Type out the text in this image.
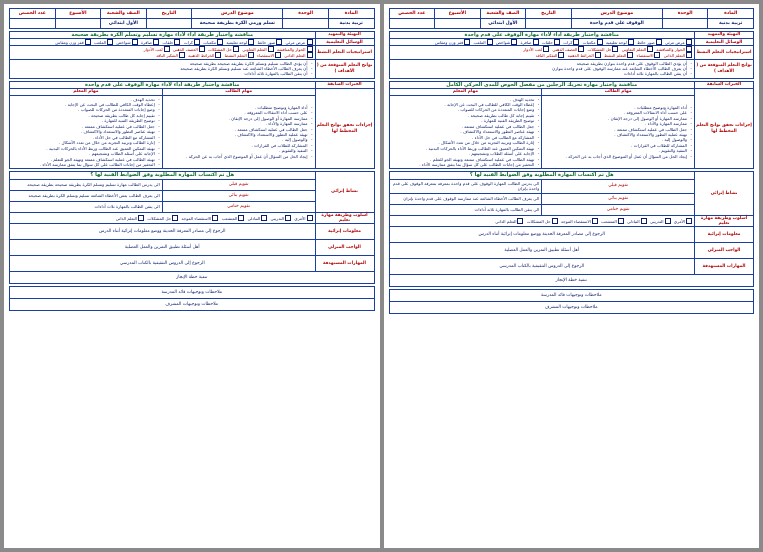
المادة	الوحدة	موضوع الدرس	التاريخ	الصف والشعبة	الأسبوع	عدد الحصص
تربية بدنية		الوقوف على قدم واحدة		الأول ابتدائي		
التهيئة والتمهيد	مناقشة واختبار طريقة أداء لأداء مهارة الوقوف على قدم واحدة
الوسائل التعليمية	عرض مرئي صور حائط لوحة تعليمية مكعبات كرات حلقات صافرة شواخص الملعب قفز وزن ومقاس
استراتيجيات التعلم النشط	الحوار والمناقشة التعلم التعاوني حل المشكلات العصف الذهني لعب الأدوار
التعلم الذاتي الاستقصاء التعلم النشط الخرائط الذهنية التفكير الناقد
نواتج التعلم المتوقعة من ( الأهداف )	
- أن يؤدي الطالب الوقوف على قدم واحدة بتوازن بطريقة صحيحة
- أن يعرف الطالب الأخطاء الشائعة عند ممارسة الوقوف على قدم واحدة بتوازن
- أن يتقن الطالب بالمهارة ثلاثة أداءات
الخبرات السابقة	مناقشة واختبار مهارة تحريك الرجلين من مفصل الحوض للمدى الحركي الكامل	
إجراءات تحقق نواتج التعلم المخطط لها	مهام الطالب	مهام المعلم

- أداء المهارة وتوضيح متطلبات .
- على حسب أداء الانتقالات المعروفة .
- ممارسة المهارة أو الوصول إلى درجة الإتقان .
- ممارسة المهارة والأداء .
- جعل الطالب في عملية استكشاف ممتعة .
- تهيئة عملية التطور والاستعداد والاكتشاف .
- والوصول إليه .
- المشاركة للطلاب في القرارات .
- التنفيذ والتقويم .
- إيجاد الحل من السؤال أن عمل أو الموضوع الذي أجاب به عن الحركة .

- تحديد الهدف .
- إعطاء الوقت الكافي للطالب في البحث عن الإجابة .
- وضع إجابات المتعددة من الحركات للصواب .
- تقييم إجابة كل طالب بطريقة صحيحة .
- توضيح الطريقة الفنية للمهارة .
- جعل الطالب في عملية استكشاف ممتعة .
- تهيئة عناصر التطور والاستعداد والاكتشاف .
- المشاركة مع الطالب في حل الأداء .
- إثارة الطالب وتربية التجربة من خلال من تعدد الأشكال .
- تهيئة التمكين العميق عند الطالب وربط الأداء بالحركات البدنية .
- الإجابة على أسئلة الطلاب وتشجيعهم .
- تهيئة الطالب في عملية استكشاف ممتعة وتهيئة الجو للتعلم .
- التحفيز من إجابات الطالب على كل سؤال بما يتفق ممارسة الأداء .
نشاط إثرائي	هل تم اكتساب المهارة المطلوبة وفق الضوابط الفنية لها ؟	
	تقويم قبلي	الى يدرس الطالب المهارة الوقوف على قدم واحدة بمعرفة بمعرفة الوقوف على قدم واحدة بإتزان
	تقويم بنائي	الى يعرف الطالب الأخطاء الشائعة عند ممارسة الوقوف على قدم واحدة بإتزان
	تقويم ختامي	الى يتقن الطالب بالمهارة ثلاثة أداءات
أسلوب وطريقة مهارة تعليم	الأمري التدريبي التبادلي المتشعب الاستقصاء الموجه حل المشكلات التعلم الذاتي	
معلومات إثرائية	الرجوع إلى مصادر المعرفة الحديثة ووضع معلومات إثرائية أثناء الدرس	
الواجب المنزلي	أهل أسئلة تطبيق التمرين والعمل العضلية	
المهارات المستهدفة	الرجوع إلى الدروس التثقيفية بالكتاب المدرسي	
تنفية خطة الإنجاز		
ملاحظات وتوجيهات قائد المدرسة
ملاحظات وتوجيهات المشرف
المادة	الوحدة	موضوع الدرس	التاريخ	الصف والشعبة	الأسبوع	عدد الحصص
تربية بدنية		تسلم ورمي الكرة بطريقة صحيحة		الأول ابتدائي		
التهيئة والتمهيد	مناقشة واختبار طريقة أداء لأداء مهارة تسليم وتسلم الكرة بطريقة صحيحة
الوسائل التعليمية	عرض مرئي صور حائط لوحة تعليمية مكعبات كرات حلقات صافرة شواخص الملعب قفز وزن ومقاس
استراتيجيات التعلم النشط	الحوار والمناقشة التعلم التعاوني حل المشكلات العصف الذهني لعب الأدوار
التعلم الذاتي الاستقصاء التعلم النشط الخرائط الذهنية التفكير الناقد
نواتج التعلم المتوقعة من ( الأهداف )	
- أن يؤدي الطالب تسليم وتسلم الكرة بطريقة صحيحة بطريقة صحيحة
- أن يعرف الطالب الأخطاء الشائعة عند تسليم وتسلم الكرة بطريقة صحيحة
- أن يتقن الطالب بالمهارة ثلاثة أداءات
الخبرات السابقة	مناقشة واختبار طريقة أداء لأداء مهارة الوقوف على قدم واحدة	
إجراءات تحقق نواتج التعلم المخطط لها	مهام الطالب	مهام المعلم

- أداء المهارة وتوضيح متطلبات .
- على حسب أداء الانتقالات المعروفة .
- ممارسة المهارة أو الوصول إلى درجة الإتقان .
- ممارسة المهارة والأداء .
- جعل الطالب في عملية استكشاف ممتعة .
- تهيئة عملية التطور والاستعداد والاكتشاف .
- والوصول إليه .
- المشاركة للطلاب في القرارات .
- التنفيذ والتقويم .
- إيجاد الحل من السؤال أن عمل أو الموضوع الذي أجاب به عن الحركة .

- تحديد الهدف .
- إعطاء الوقت الكافي للطالب في البحث عن الإجابة .
- وضع إجابات المتعددة من الحركات للصواب .
- تقييم إجابة كل طالب بطريقة صحيحة .
- توضيح الطريقة الفنية للمهارة .
- جعل الطالب في عملية استكشاف ممتعة .
- تهيئة عناصر التطور والاستعداد والاكتشاف .
- المشاركة مع الطالب في حل الأداء .
- إثارة الطالب وتربية التجربة من خلال من تعدد الأشكال .
- تهيئة التمكين العميق عند الطالب وربط الأداء بالحركات البدنية .
- الإجابة على أسئلة الطلاب وتشجيعهم .
- تهيئة الطالب في عملية استكشاف ممتعة وتهيئة الجو للتعلم .
- التحفيز من إجابات الطالب على كل سؤال بما يتفق ممارسة الأداء .
نشاط إثرائي	هل تم اكتساب المهارة المطلوبة وفق الضوابط الفنية لها ؟	
	تقويم قبلي	الى يدرس الطالب مهارة تسليم وتسلم الكرة بطريقة صحيحة بطريقة صحيحة
	تقويم بنائي	الى يعرف الطالب بعض الأخطاء الشائعة تسليم وتسلم الكرة بطريقة صحيحة
	تقويم ختامي	الى يتقن الطالب بالمهارة ثلاث أداءات
أسلوب وطريقة مهارة تعليم	الأمري التدريبي التبادلي المتشعب الاستقصاء الموجه حل المشكلات التعلم الذاتي	
معلومات إثرائية	الرجوع إلى مصادر المعرفة الحديثة ووضع معلومات إثرائية أثناء الدرس	
الواجب المنزلي	أهل أسئلة تطبيق التمرين والعمل العضلية	
المهارات المستهدفة	الرجوع إلى الدروس التثقيفية بالكتاب المدرسي	
تنفية خطة الإنجاز		
ملاحظات وتوجيهات قائد المدرسة
ملاحظات وتوجيهات المشرف
